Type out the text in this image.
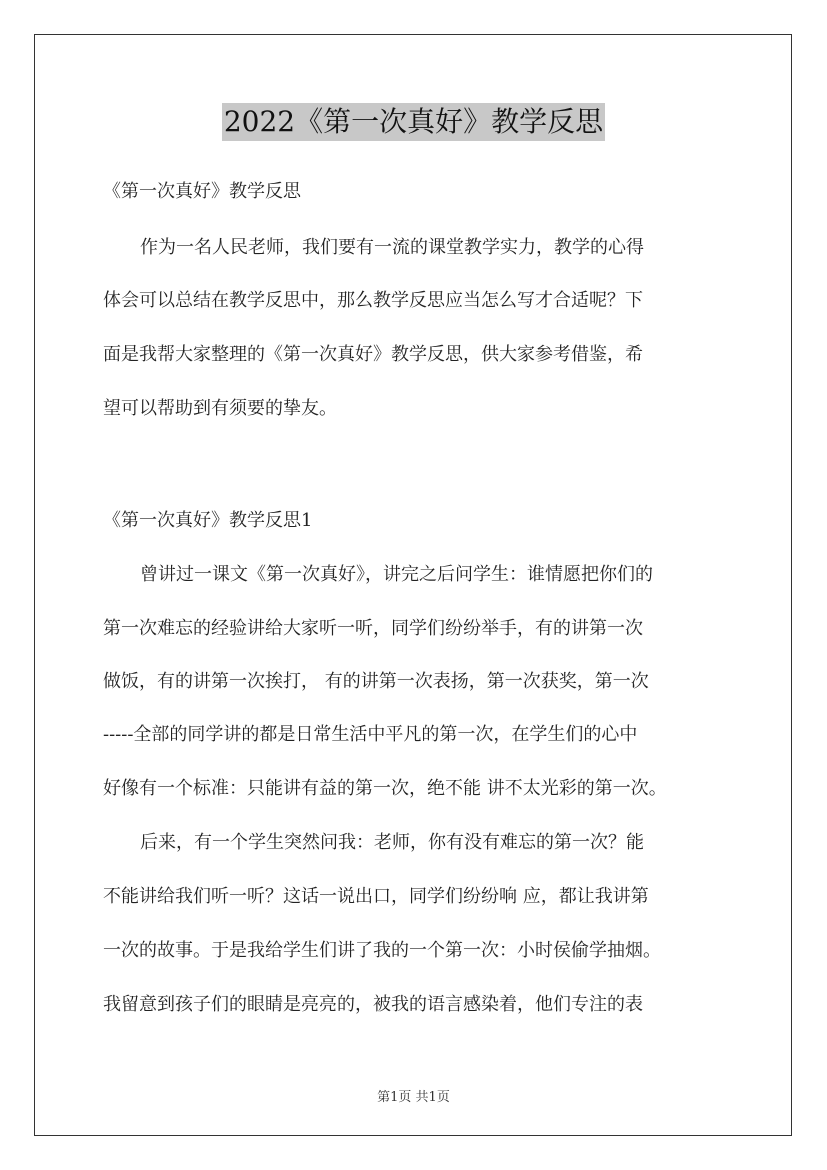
2022《第一次真好》教学反思
《第一次真好》教学反思
作为一名人民老师，我们要有一流的课堂教学实力，教学的心得
体会可以总结在教学反思中，那么教学反思应当怎么写才合适呢？下
面是我帮大家整理的《第一次真好》教学反思，供大家参考借鉴，希
望可以帮助到有须要的挚友。
《第一次真好》教学反思1
曾讲过一课文《第一次真好》，讲完之后问学生：谁情愿把你们的
第一次难忘的经验讲给大家听一听，同学们纷纷举手，有的讲第一次
做饭，有的讲第一次挨打， 有的讲第一次表扬，第一次获奖，第一次
-----全部的同学讲的都是日常生活中平凡的第一次，在学生们的心中
好像有一个标准：只能讲有益的第一次，绝不能 讲不太光彩的第一次。
后来，有一个学生突然问我：老师，你有没有难忘的第一次？能
不能讲给我们听一听？这话一说出口，同学们纷纷响 应，都让我讲第
一次的故事。于是我给学生们讲了我的一个第一次：小时侯偷学抽烟。
我留意到孩子们的眼睛是亮亮的，被我的语言感染着，他们专注的表
第1页 共1页
